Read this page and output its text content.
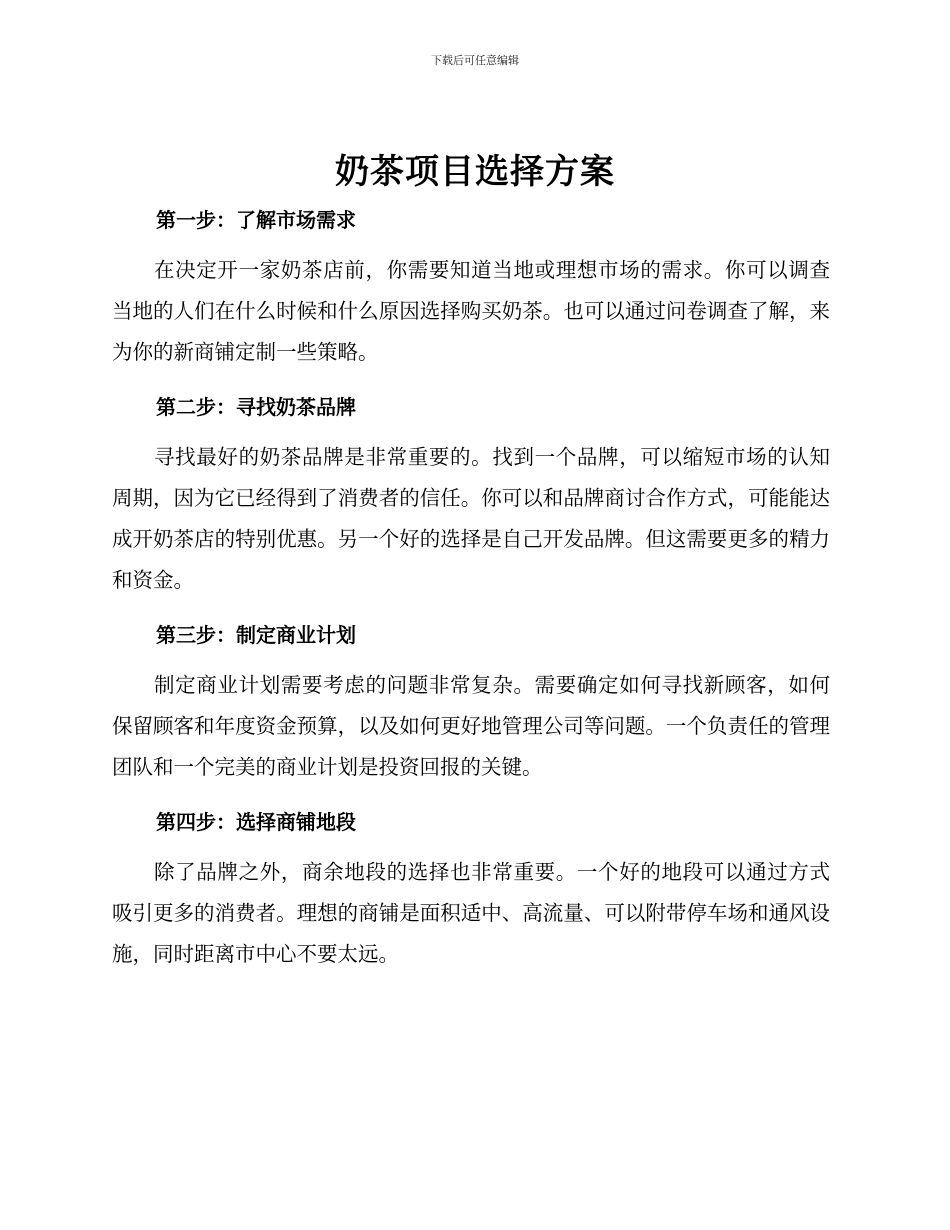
下载后可任意编辑
奶茶项目选择方案
第一步：了解市场需求

在决定开一家奶茶店前，你需要知道当地或理想市场的需求。你可以调查当地的人们在什么时候和什么原因选择购买奶茶。也可以通过问卷调查了解，来为你的新商铺定制一些策略。

第二步：寻找奶茶品牌

寻找最好的奶茶品牌是非常重要的。找到一个品牌，可以缩短市场的认知周期，因为它已经得到了消费者的信任。你可以和品牌商讨合作方式，可能能达成开奶茶店的特别优惠。另一个好的选择是自己开发品牌。但这需要更多的精力和资金。

第三步：制定商业计划

制定商业计划需要考虑的问题非常复杂。需要确定如何寻找新顾客，如何保留顾客和年度资金预算，以及如何更好地管理公司等问题。一个负责任的管理团队和一个完美的商业计划是投资回报的关键。

第四步：选择商铺地段

除了品牌之外，商余地段的选择也非常重要。一个好的地段可以通过方式吸引更多的消费者。理想的商铺是面积适中、高流量、可以附带停车场和通风设施，同时距离市中心不要太远。
